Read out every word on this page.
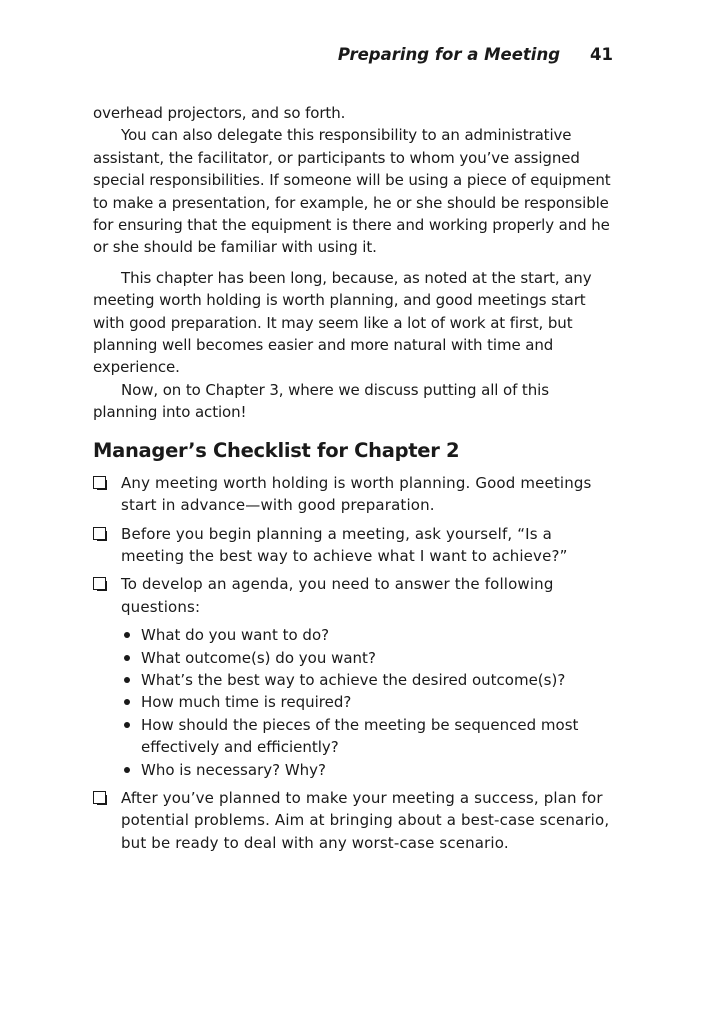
Preparing for a Meeting 41

overhead projectors, and so forth.

You can also delegate this responsibility to an administrative assistant, the facilitator, or participants to whom you’ve assigned special responsibilities. If someone will be using a piece of equipment to make a presentation, for example, he or she should be responsible for ensuring that the equipment is there and working properly and he or she should be familiar with using it.

This chapter has been long, because, as noted at the start, any meeting worth holding is worth planning, and good meetings start with good preparation. It may seem like a lot of work at first, but planning well becomes easier and more natural with time and experience.

Now, on to Chapter 3, where we discuss putting all of this planning into action!

Manager’s Checklist for Chapter 2
Any meeting worth holding is worth planning. Good meetings start in advance—with good preparation.
Before you begin planning a meeting, ask yourself, “Is a meeting the best way to achieve what I want to achieve?”
To develop an agenda, you need to answer the following questions:
What do you want to do?
What outcome(s) do you want?
What’s the best way to achieve the desired outcome(s)?
How much time is required?
How should the pieces of the meeting be sequenced most effectively and efficiently?
Who is necessary? Why?
After you’ve planned to make your meeting a success, plan for potential problems. Aim at bringing about a best-case scenario, but be ready to deal with any worst-case scenario.
